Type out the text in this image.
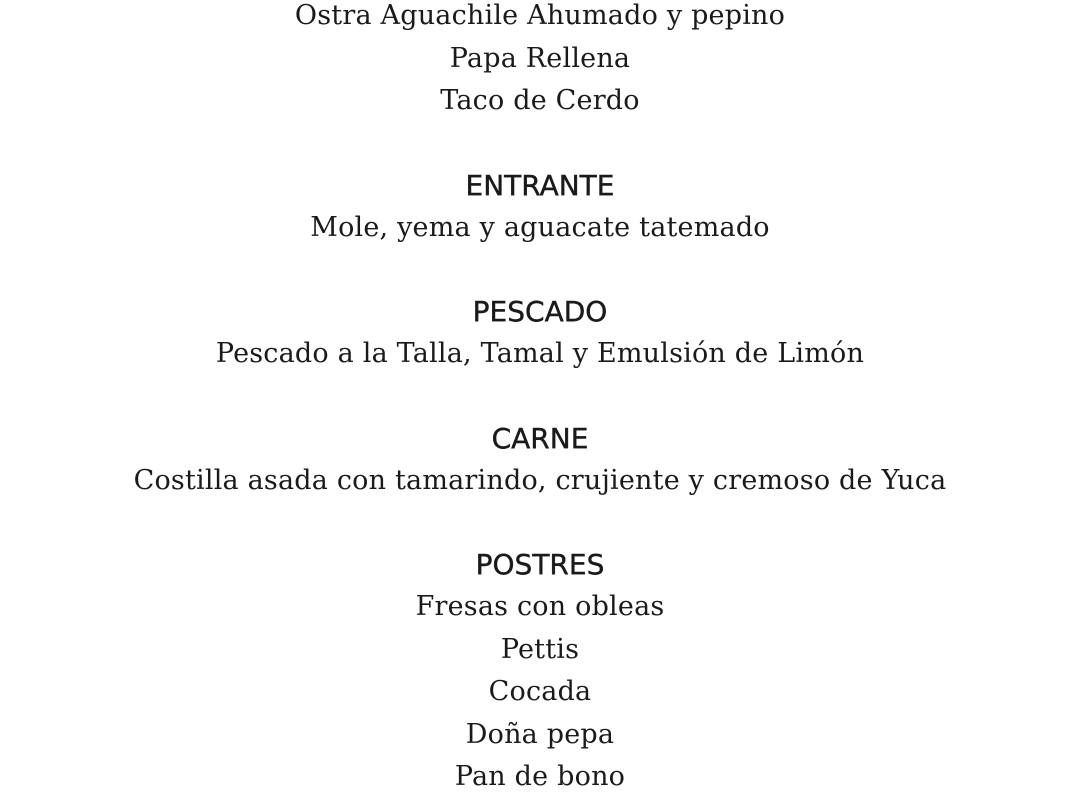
Ostra Aguachile Ahumado y pepino
Papa Rellena
Taco de Cerdo
ENTRANTE
Mole, yema y aguacate tatemado
PESCADO
Pescado a la Talla, Tamal y Emulsión de Limón
CARNE
Costilla asada con tamarindo, crujiente y cremoso de Yuca
POSTRES
Fresas con obleas
Pettis
Cocada
Doña pepa
Pan de bono
